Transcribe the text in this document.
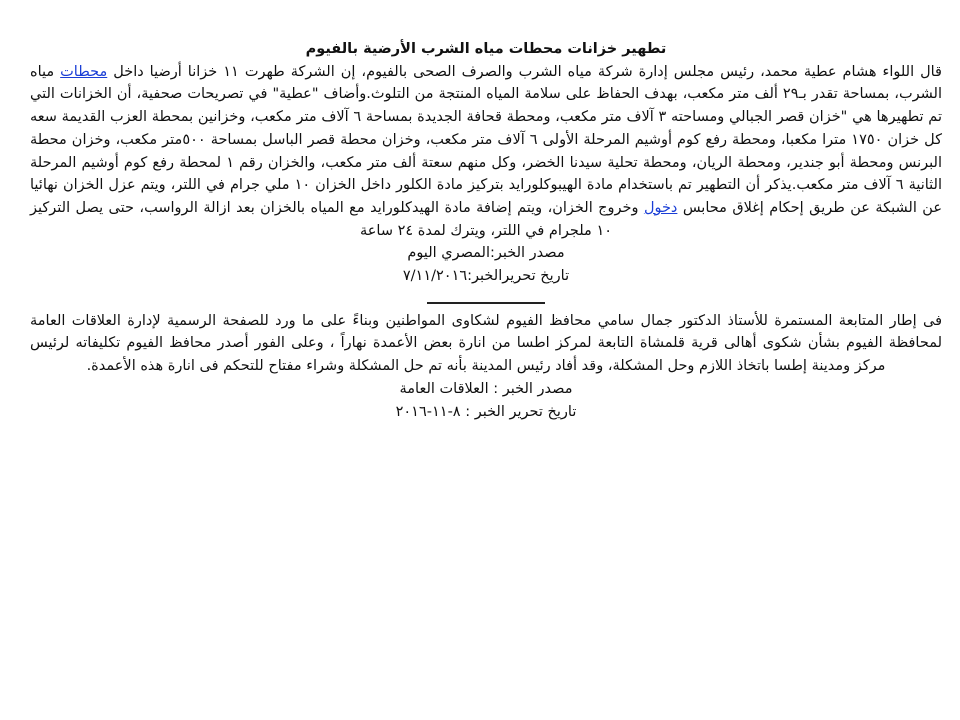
تطهير خزانات محطات مياه الشرب الأرضية بالفيوم

قال اللواء هشام عطية محمد، رئيس مجلس إدارة شركة مياه الشرب والصرف الصحى بالفيوم، إن الشركة طهرت ١١ خزانا أرضيا داخل محطات مياه الشرب، بمساحة تقدر بـ٢٩ ألف متر مكعب، بهدف الحفاظ على سلامة المياه المنتجة من التلوث.وأضاف "عطية" في تصريحات صحفية، أن الخزانات التي تم تطهيرها هي "خزان قصر الجبالي ومساحته ٣ آلاف متر مكعب، ومحطة قحافة الجديدة بمساحة ٦ آلاف متر مكعب، وخزانين بمحطة العزب القديمة سعه كل خزان ١٧٥٠ مترا مكعبا، ومحطة رفع كوم أوشيم المرحلة الأولى ٦ آلاف متر مكعب، وخزان محطة قصر الباسل بمساحة ٥٠٠متر مكعب، وخزان محطة البرنس ومحطة أبو جندير، ومحطة الريان، ومحطة تحلية سيدنا الخضر، وكل منهم سعتة ألف متر مكعب، والخزان رقم ١ لمحطة رفع كوم أوشيم المرحلة الثانية ٦ آلاف متر مكعب.يذكر أن التطهير تم باستخدام مادة الهيبوكلورايد بتركيز مادة الكلور داخل الخزان ١٠ ملي جرام في اللتر، ويتم عزل الخزان نهائيا عن الشبكة عن طريق إحكام إغلاق محابس دخول وخروج الخزان، ويتم إضافة مادة الهيدكلورايد مع المياه بالخزان بعد ازالة الرواسب، حتى يصل التركيز ١٠ ملجرام في اللتر، ويترك لمدة ٢٤ ساعة

مصدر الخبر:المصري اليوم

تاريخ تحريرالخبر:٧/١١/٢٠١٦

فى إطار المتابعة المستمرة للأستاذ الدكتور جمال سامي محافظ الفيوم لشكاوى المواطنين وبناءً على ما ورد للصفحة الرسمية لإدارة العلاقات العامة لمحافظة الفيوم بشأن شكوى أهالى قرية قلمشاة التابعة لمركز اطسا من انارة بعض الأعمدة نهاراً ، وعلى الفور أصدر محافظ الفيوم تكليفاته لرئيس مركز ومدينة إطسا باتخاذ اللازم وحل المشكلة، وقد أفاد رئيس المدينة بأنه تم حل المشكلة وشراء مفتاح للتحكم فى انارة هذه الأعمدة.

مصدر الخبر : العلاقات العامة

تاريخ تحرير الخبر : ٨-١١-٢٠١٦
